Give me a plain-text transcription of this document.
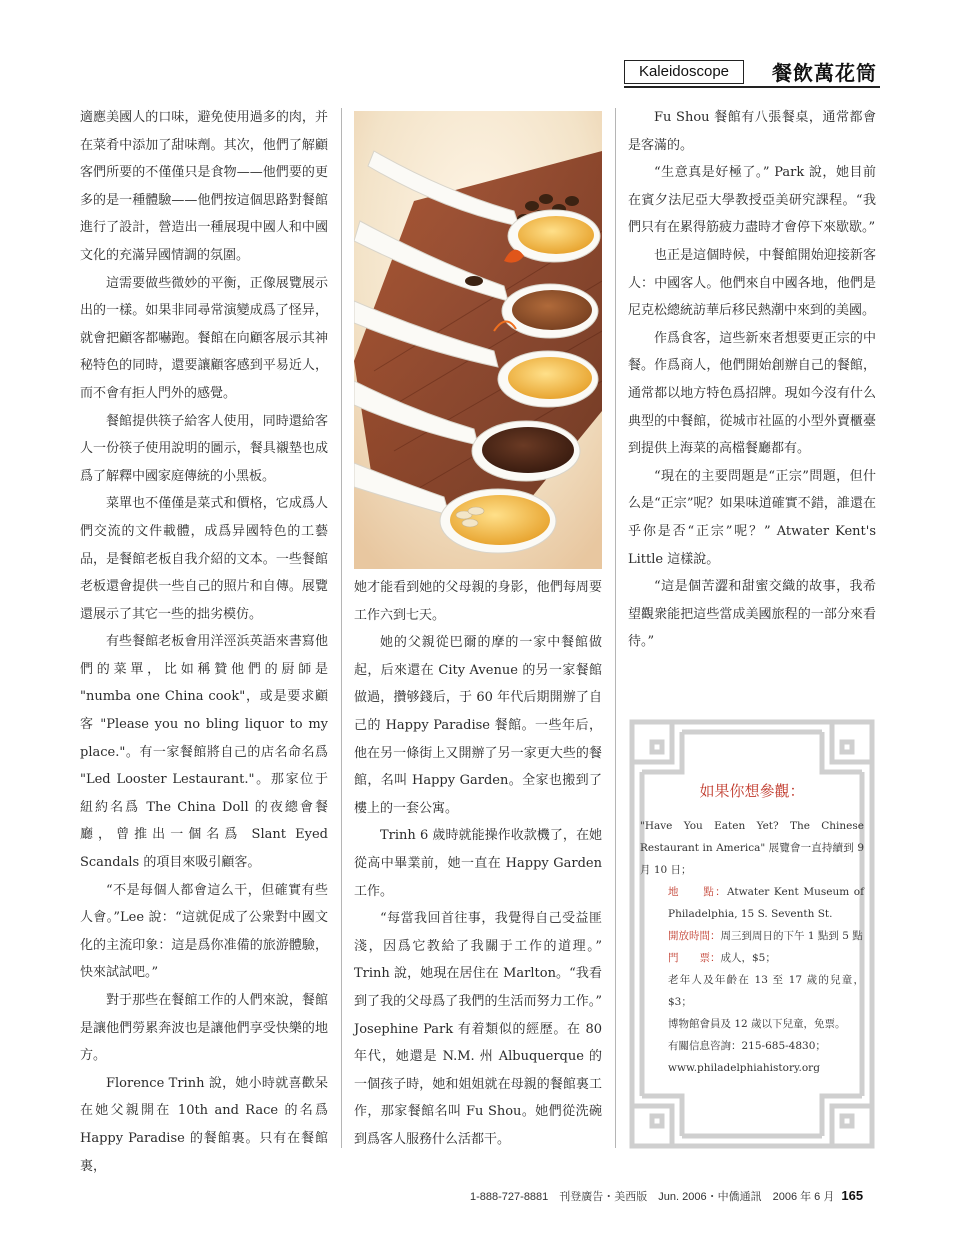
Kaleidoscope	餐飲萬花筒

適應美國人的口味，避免使用過多的肉，并在菜肴中添加了甜味劑。其次，他們了解顧客們所要的不僅僅只是食物——他們要的更多的是一種體驗——他們按這個思路對餐館進行了設計，營造出一種展現中國人和中國文化的充滿异國情調的氛圍。

這需要做些微妙的平衡，正像展覽展示出的一樣。如果非同尋常演變成爲了怪异，就會把顧客都嚇跑。餐館在向顧客展示其神秘特色的同時，還要讓顧客感到平易近人，而不會有拒人門外的感覺。

餐館提供筷子給客人使用，同時還給客人一份筷子使用說明的圖示，餐具襯墊也成爲了解釋中國家庭傳統的小黑板。

菜單也不僅僅是菜式和價格，它成爲人們交流的文件載體，成爲异國特色的工藝品，是餐館老板自我介紹的文本。一些餐館老板還會提供一些自己的照片和自傳。展覽還展示了其它一些的拙劣模仿。

有些餐館老板會用洋涇浜英語來書寫他們的菜單，比如稱贊他們的厨師是 "numba one China cook"，或是要求顧客 "Please you no bling liquor to my place."。有一家餐館將自己的店名命名爲 "Led Looster Lestaurant."。那家位于紐約名爲 The China Doll 的夜總會餐廳，曾推出一個名爲 Slant Eyed Scandals 的項目來吸引顧客。

“不是每個人都會這么干，但確實有些人會。”Lee 說：“這就促成了公衆對中國文化的主流印象：這是爲你准備的旅游體驗，快來試試吧。”

對于那些在餐館工作的人們來說，餐館是讓他們勞累奔波也是讓他們享受快樂的地方。

Florence Trinh 說，她小時就喜歡呆在她父親開在 10th and Race 的名爲 Happy Paradise 的餐館裏。只有在餐館裏，

她才能看到她的父母親的身影，他們每周要工作六到七天。

她的父親從巴爾的摩的一家中餐館做起，后來還在 City Avenue 的另一家餐館做過，攢够錢后，于 60 年代后期開辦了自己的 Happy Paradise 餐館。一些年后，他在另一條街上又開辦了另一家更大些的餐館，名叫 Happy Garden。全家也搬到了樓上的一套公寓。

Trinh 6 歲時就能操作收款機了，在她從高中畢業前，她一直在 Happy Garden 工作。

“每當我回首往事，我覺得自己受益匪淺，因爲它教給了我關于工作的道理。” Trinh 說，她現在居住在 Marlton。“我看到了我的父母爲了我們的生活而努力工作。” Josephine Park 有着類似的經歷。在 80 年代，她還是 N.M. 州 Albuquerque 的一個孩子時，她和姐姐就在母親的餐館裏工作，那家餐館名叫 Fu Shou。她們從洗碗到爲客人服務什么活都干。

Fu Shou 餐館有八張餐桌，通常都會是客滿的。

“生意真是好極了。” Park 說，她目前在賓夕法尼亞大學教授亞美研究課程。“我們只有在累得筋疲力盡時才會停下來歇歇。”

也正是這個時候，中餐館開始迎接新客人：中國客人。他們來自中國各地，他們是尼克松總統訪華后移民熱潮中來到的美國。

作爲食客，這些新來者想要更正宗的中餐。作爲商人，他們開始創辦自己的餐館，通常都以地方特色爲招牌。現如今沒有什么典型的中餐館，從城市社區的小型外賣櫃臺到提供上海菜的高檔餐廳都有。

“現在的主要問題是“正宗”問題，但什么是“正宗”呢？如果味道確實不錯，誰還在乎你是否“正宗”呢？” Atwater Kent's Little 這樣說。

“這是個苦澀和甜蜜交織的故事，我希望觀衆能把這些當成美國旅程的一部分來看待。”

如果你想參觀：

"Have You Eaten Yet? The Chinese Restaurant in America" 展覽會一直持續到 9 月 10 日；

地　　點：Atwater Kent Museum of Philadelphia, 15 S. Seventh St.

開放時間：周三到周日的下午 1 點到 5 點

門　　票：成人，$5；

老年人及年齡在 13 至 17 歲的兒童，$3；

博物館會員及 12 歲以下兒童，免票。

有關信息咨詢：215-685-4830；

www.philadelphiahistory.org

1-888-727-8881　刊登廣告・美西版　Jun. 2006・中僑通訊　2006 年 6 月 165
